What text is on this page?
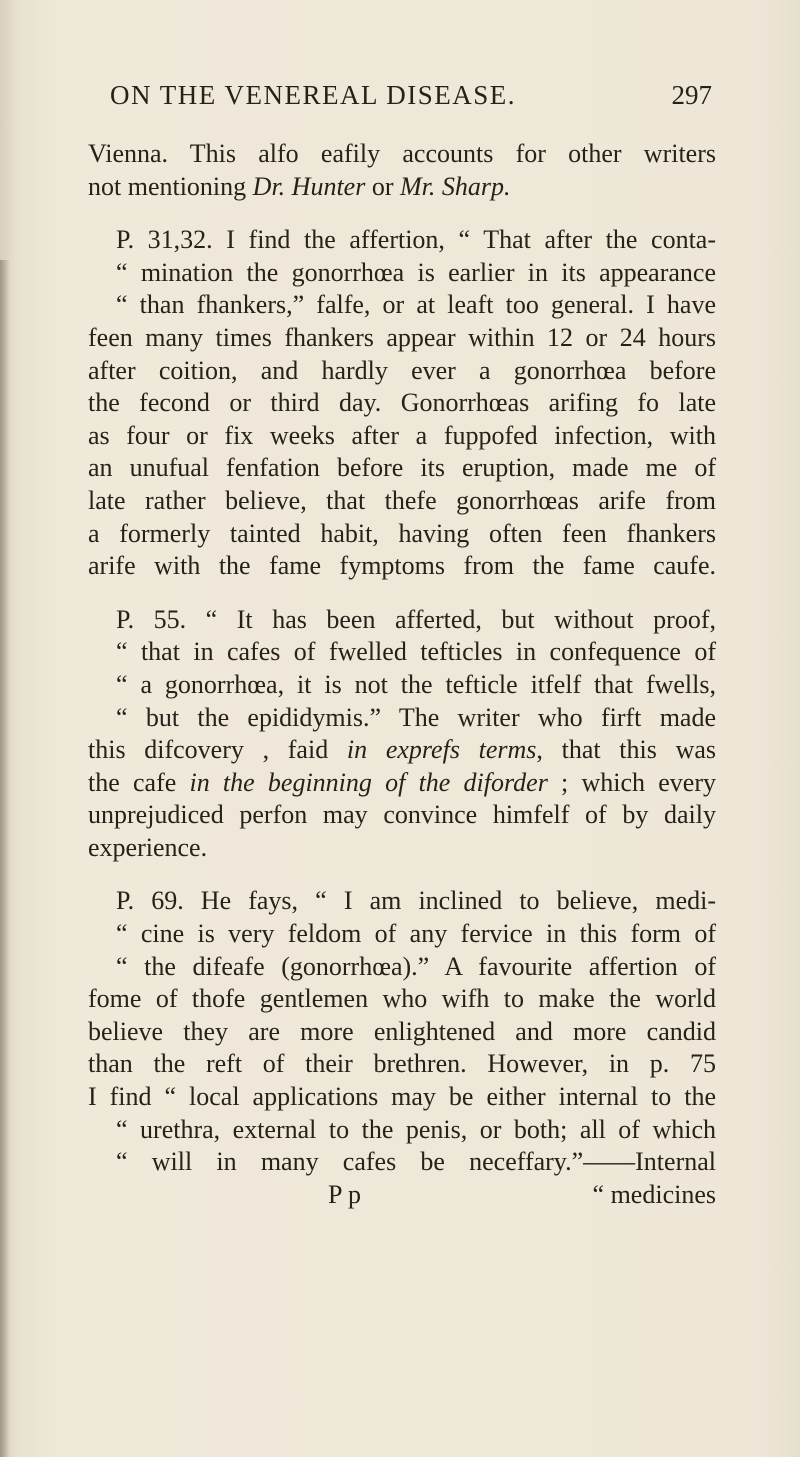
ON THE VENEREAL DISEASE.	297
Vienna. This alfo eafily accounts for other writers
not mentioning Dr. Hunter or Mr. Sharp.
P. 31,32. I find the affertion, “ That after the conta-
“ mination the gonorrhœa is earlier in its appearance
“ than fhankers,” falfe, or at leaft too general. I have
feen many times fhankers appear within 12 or 24 hours
after coition, and hardly ever a gonorrhœa before
the fecond or third day. Gonorrhœas arifing fo late
as four or fix weeks after a fuppofed infection, with
an unufual fenfation before its eruption, made me of
late rather believe, that thefe gonorrhœas arife from
a formerly tainted habit, having often feen fhankers
arife with the fame fymptoms from the fame caufe.
P. 55. “ It has been afferted, but without proof,
“ that in cafes of fwelled tefticles in confequence of
“ a gonorrhœa, it is not the tefticle itfelf that fwells,
“ but the epididymis.” The writer who firft made
this difcovery , faid in exprefs terms, that this was
the cafe in the beginning of the diforder ; which every
unprejudiced perfon may convince himfelf of by daily
experience.
P. 69. He fays, “ I am inclined to believe, medi-
“ cine is very feldom of any fervice in this form of
“ the difeafe (gonorrhœa).” A favourite affertion of
fome of thofe gentlemen who wifh to make the world
believe they are more enlightened and more candid
than the reft of their brethren. However, in p. 75
I find “ local applications may be either internal to the
“ urethra, external to the penis, or both; all of which
“ will in many cafes be neceffary.”——Internal
P p	“ medicines
